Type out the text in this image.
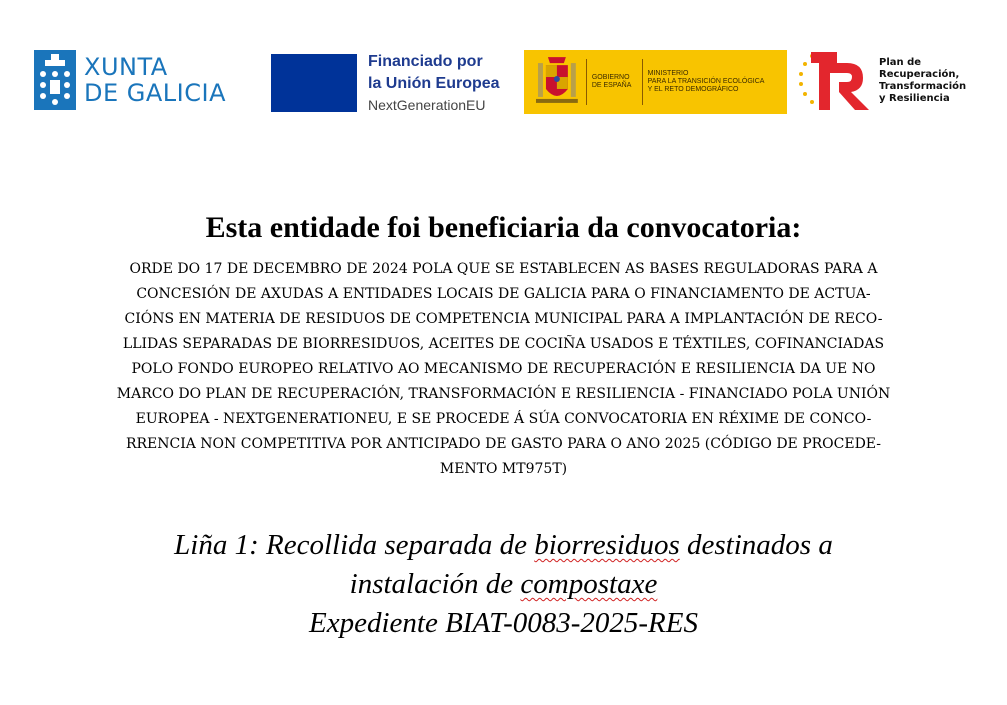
XUNTA
DE GALICIA
Financiado por
la Unión Europea
NextGenerationEU
GOBIERNO
DE ESPAÑA
MINISTERIO
PARA LA TRANSICIÓN ECOLÓGICA
Y EL RETO DEMOGRÁFICO
Plan de
Recuperación,
Transformación
y Resiliencia
Esta entidade foi beneficiaria da convocatoria:

ORDE DO 17 DE DECEMBRO DE 2024 POLA QUE SE ESTABLECEN AS BASES REGULADORAS PARA A
CONCESIÓN DE AXUDAS A ENTIDADES LOCAIS DE GALICIA PARA O FINANCIAMENTO DE ACTUA-
CIÓNS EN MATERIA DE RESIDUOS DE COMPETENCIA MUNICIPAL PARA A IMPLANTACIÓN DE RECO-
LLIDAS SEPARADAS DE BIORRESIDUOS, ACEITES DE COCIÑA USADOS E TÉXTILES, COFINANCIADAS
POLO FONDO EUROPEO RELATIVO AO MECANISMO DE RECUPERACIÓN E RESILIENCIA DA UE NO
MARCO DO PLAN DE RECUPERACIÓN, TRANSFORMACIÓN E RESILIENCIA - FINANCIADO POLA UNIÓN
EUROPEA - NEXTGENERATIONEU, E SE PROCEDE Á SÚA CONVOCATORIA EN RÉXIME DE CONCO-
RRENCIA NON COMPETITIVA POR ANTICIPADO DE GASTO PARA O ANO 2025 (CÓDIGO DE PROCEDE-
MENTO MT975T)

Liña 1: Recollida separada de biorresiduos destinados a
instalación de compostaxe
Expediente BIAT-0083-2025-RES
